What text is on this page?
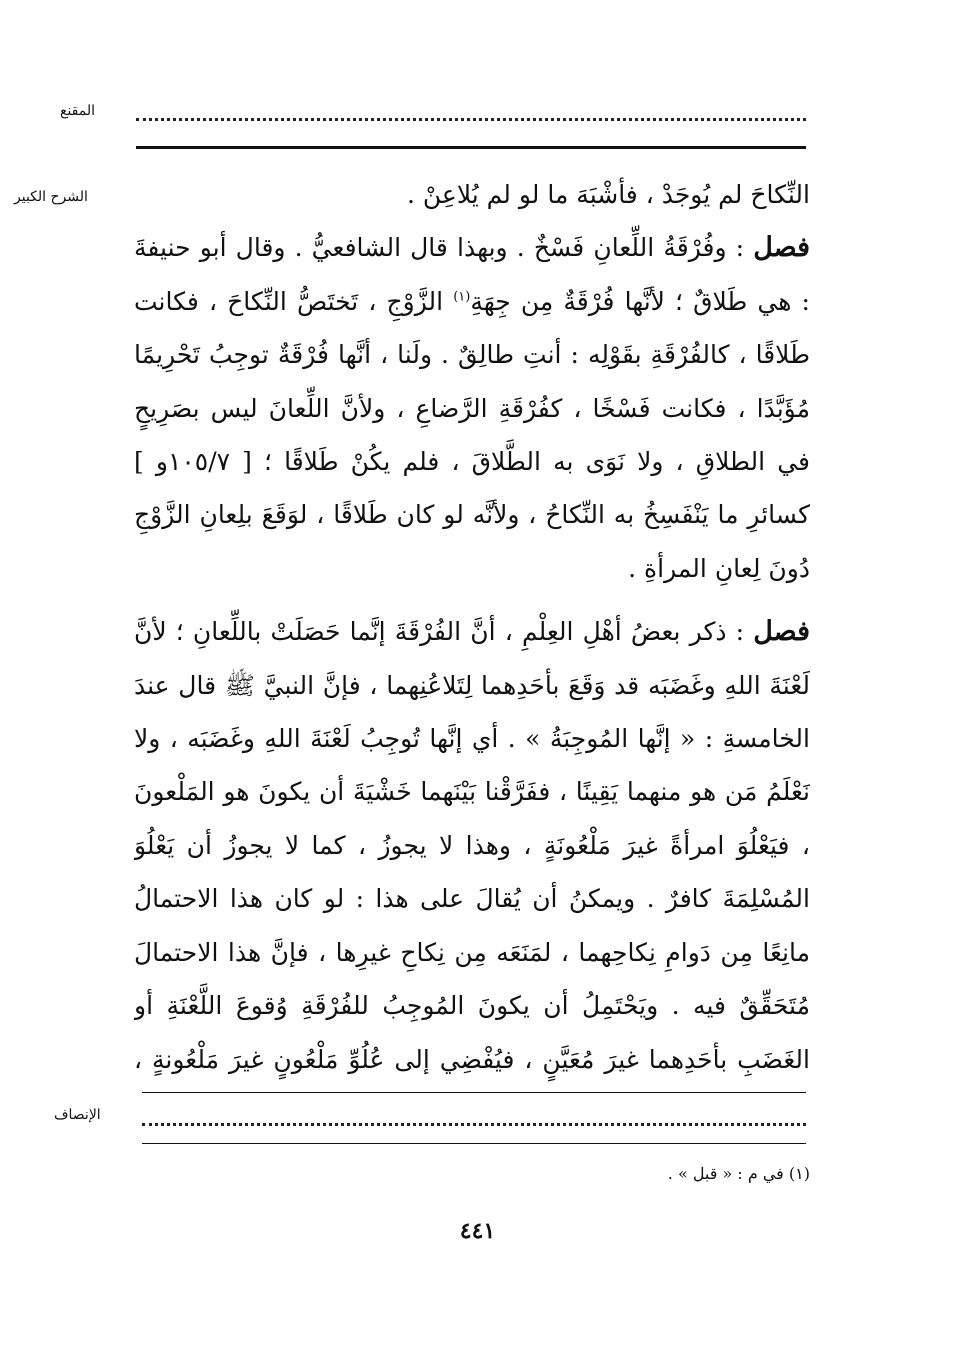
المقنع
الشرح الكبير
الإنصاف

النِّكاحَ لم يُوجَدْ ، فأشْبَهَ ما لو لم يُلاعِنْ .

فصل : وفُرْقَةُ اللِّعانِ فَسْخٌ . وبهذا قال الشافعيُّ . وقال أبو حنيفةَ : هي طَلاقٌ ؛ لأنَّها فُرْقَةٌ مِن جِهَةِ$^{(١)}$ الزَّوْجِ ، تَختَصُّ النِّكاحَ ، فكانت طَلاقًا ، كالفُرْقَةِ بقَوْلِه : أنتِ طالِقٌ . ولَنا ، أنَّها فُرْقَةٌ توجِبُ تَحْرِيمًا مُؤَبَّدًا ، فكانت فَسْخًا ، كفُرْقَةِ الرَّضاعِ ، ولأنَّ اللِّعانَ ليس بصَرِيحٍ في الطلاقِ ، ولا نَوَى به الطَّلاقَ ، فلم يكُنْ طَلاقًا ؛ [ ١٠٥/٧و ] كسائرِ ما يَنْفَسِخُ به النِّكاحُ ، ولأنَّه لو كان طَلاقًا ، لوَقَعَ بلِعانِ الزَّوْجِ دُونَ لِعانِ المرأةِ .

فصل : ذكر بعضُ أهْلِ العِلْمِ ، أنَّ الفُرْقَةَ إنَّما حَصَلَتْ باللِّعانِ ؛ لأنَّ لَعْنَةَ اللهِ وغَضَبَه قد وَقَعَ بأحَدِهما لِتَلاعُنِهما ، فإنَّ النبيَّ ﷺ قال عندَ الخامسةِ : « إنَّها المُوجِبَةُ » . أي إنَّها تُوجِبُ لَعْنَةَ اللهِ وغَضَبَه ، ولا نَعْلَمُ مَن هو منهما يَقِينًا ، ففَرَّقْنا بَيْنَهما خَشْيَةَ أن يكونَ هو المَلْعونَ ، فيَعْلُوَ امرأةً غيرَ مَلْعُونَةٍ ، وهذا لا يجوزُ ، كما لا يجوزُ أن يَعْلُوَ المُسْلِمَةَ كافرٌ . ويمكنُ أن يُقالَ على هذا : لو كان هذا الاحتمالُ مانِعًا مِن دَوامِ نِكاحِهما ، لمَنَعَه مِن نِكاحِ غيرِها ، فإنَّ هذا الاحتمالَ مُتَحَقِّقٌ فيه . ويَحْتَمِلُ أن يكونَ المُوجِبُ للفُرْقَةِ وُقوعَ اللَّعْنَةِ أو الغَضَبِ بأحَدِهما غيرَ مُعَيَّنٍ ، فيُفْضِي إلى عُلُوِّ مَلْعُونٍ غيرَ مَلْعُونةٍ ،

(١) في م : « قبل » .
٤٤١
